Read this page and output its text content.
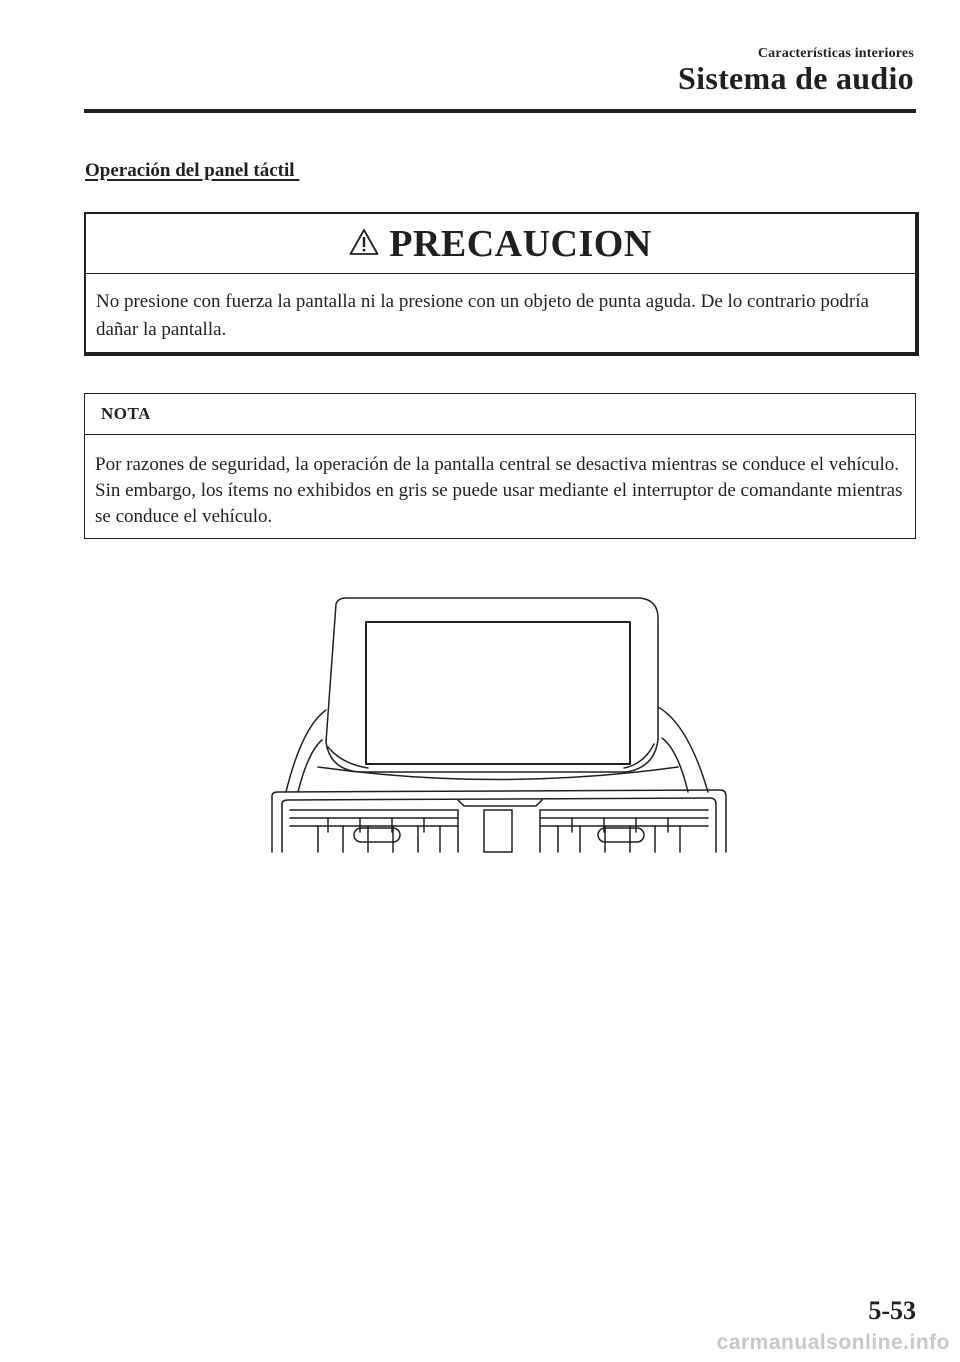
Características interiores
Sistema de audio
Operación del panel táctil
PRECAUCION
No presione con fuerza la pantalla ni la presione con un objeto de punta aguda. De lo contrario podría dañar la pantalla.
NOTA
Por razones de seguridad, la operación de la pantalla central se desactiva mientras se conduce el vehículo. Sin embargo, los ítems no exhibidos en gris se puede usar mediante el interruptor de comandante mientras se conduce el vehículo.
5-53
carmanualsonline.info
